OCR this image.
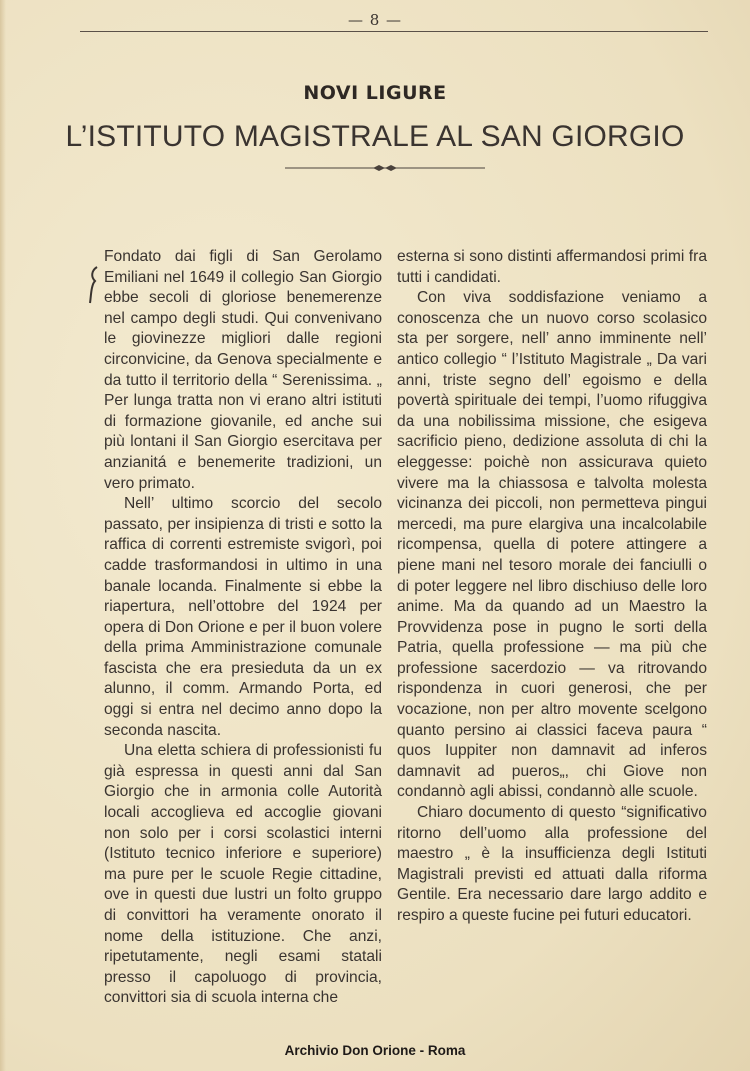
— 8 —
NOVI LIGURE
L’ISTITUTO MAGISTRALE AL SAN GIORGIO

Fondato dai figli di San Gerolamo Emiliani nel 1649 il collegio San Giorgio ebbe secoli di gloriose benemerenze nel campo degli studi. Qui convenivano le giovinezze migliori dalle regioni circonvicine, da Genova specialmente e da tutto il territorio della “ Serenissima. „ Per lunga tratta non vi erano altri istituti di formazione giovanile, ed anche sui più lontani il San Giorgio esercitava per anzianitá e benemerite tradizioni, un vero primato.

Nell’ ultimo scorcio del secolo passato, per insipienza di tristi e sotto la raffica di correnti estremiste svigorì, poi cadde trasformandosi in ultimo in una banale locanda. Finalmente si ebbe la riapertura, nell’ottobre del 1924 per opera di Don Orione e per il buon volere della prima Amministrazione comunale fascista che era presieduta da un ex alunno, il comm. Armando Porta, ed oggi si entra nel decimo anno dopo la seconda nascita.

Una eletta schiera di professionisti fu già espressa in questi anni dal San Giorgio che in armonia colle Autorità locali accoglieva ed accoglie giovani non solo per i corsi scolastici interni (Istituto tecnico inferiore e superiore) ma pure per le scuole Regie cittadine, ove in questi due lustri un folto gruppo di convittori ha veramente onorato il nome della istituzione. Che anzi, ripetutamente, negli esami statali presso il capoluogo di provincia, convittori sia di scuola interna che

esterna si sono distinti affermandosi primi fra tutti i candidati.

Con viva soddisfazione veniamo a conoscenza che un nuovo corso scolasico sta per sorgere, nell’ anno imminente nell’ antico collegio “ l’Istituto Magistrale „ Da vari anni, triste segno dell’ egoismo e della povertà spirituale dei tempi, l’uomo rifuggiva da una nobilissima missione, che esigeva sacrificio pieno, dedizione assoluta di chi la eleggesse: poichè non assicurava quieto vivere ma la chiassosa e talvolta molesta vicinanza dei piccoli, non permetteva pingui mercedi, ma pure elargiva una incalcolabile ricompensa, quella di potere attingere a piene mani nel tesoro morale dei fanciulli o di poter leggere nel libro dischiuso delle loro anime. Ma da quando ad un Maestro la Provvidenza pose in pugno le sorti della Patria, quella professione — ma più che professione sacerdozio — va ritrovando rispondenza in cuori generosi, che per vocazione, non per altro movente scelgono quanto persino ai classici faceva paura “ quos Iuppiter non damnavit ad inferos damnavit ad pueros„, chi Giove non condannò agli abissi, condannò alle scuole.

Chiaro documento di questo “significativo ritorno dell’uomo alla professione del maestro „ è la insufficienza degli Istituti Magistrali previsti ed attuati dalla riforma Gentile. Era necessario dare largo addito e respiro a queste fucine pei futuri educatori.

Archivio Don Orione - Roma
